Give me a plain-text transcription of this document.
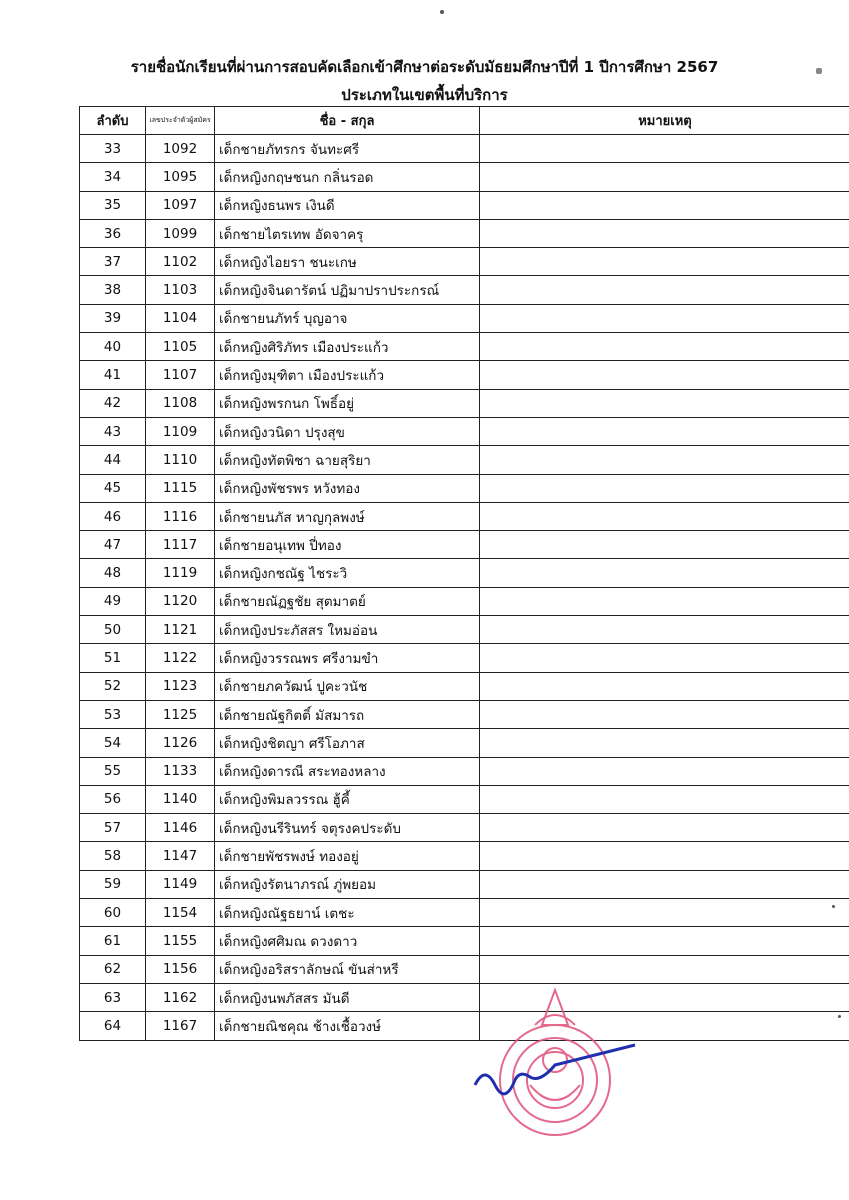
รายชื่อนักเรียนที่ผ่านการสอบคัดเลือกเข้าศึกษาต่อระดับมัธยมศึกษาปีที่ 1 ปีการศึกษา 2567
ประเภทในเขตพื้นที่บริการ
ลำดับ	เลขประจำตัวผู้สมัคร	ชื่อ - สกุล	หมายเหตุ
33	1092	เด็กชายภัทรกร จันทะศรี	
34	1095	เด็กหญิงกฤษชนก กลิ่นรอด	
35	1097	เด็กหญิงธนพร เงินดี	
36	1099	เด็กชายไตรเทพ อัดจาครุ	
37	1102	เด็กหญิงไอยรา ชนะเกษ	
38	1103	เด็กหญิงจินดารัตน์ ปฏิมาปราประกรณ์	
39	1104	เด็กชายนภัทร์ บุญอาจ	
40	1105	เด็กหญิงศิริภัทร เมืองประแก้ว	
41	1107	เด็กหญิงมุฑิตา เมืองประแก้ว	
42	1108	เด็กหญิงพรกนก โพธิ์อยู่	
43	1109	เด็กหญิงวนิดา ปรุงสุข	
44	1110	เด็กหญิงทัตพิชา ฉายสุริยา	
45	1115	เด็กหญิงพัชรพร หวังทอง	
46	1116	เด็กชายนภัส หาญกุลพงษ์	
47	1117	เด็กชายอนุเทพ ปี่ทอง	
48	1119	เด็กหญิงกชณัฐ ไชระวิ	
49	1120	เด็กชายณัฏฐชัย สุตมาตย์	
50	1121	เด็กหญิงประภัสสร ใหมอ่อน	
51	1122	เด็กหญิงวรรณพร ศรีงามขำ	
52	1123	เด็กชายภควัฒน์ ปูคะวนัช	
53	1125	เด็กชายณัฐกิตติ์ มัสมารถ	
54	1126	เด็กหญิงชิตญา ศรีโอภาส	
55	1133	เด็กหญิงดารณี สระทองหลาง	
56	1140	เด็กหญิงพิมลวรรณ ฮู้คี้	
57	1146	เด็กหญิงนรีรินทร์ จตุรงคประดับ	
58	1147	เด็กชายพัชรพงษ์ ทองอยู่	
59	1149	เด็กหญิงรัตนาภรณ์ ภู่พยอม	
60	1154	เด็กหญิงณัฐธยาน์ เตชะ	
61	1155	เด็กหญิงศศิมณ ดวงดาว	
62	1156	เด็กหญิงอริสราลักษณ์ ขันส่าหรี	
63	1162	เด็กหญิงนพภัสสร มันดี	
64	1167	เด็กชายณิชคุณ ช้างเชื้อวงษ์	
